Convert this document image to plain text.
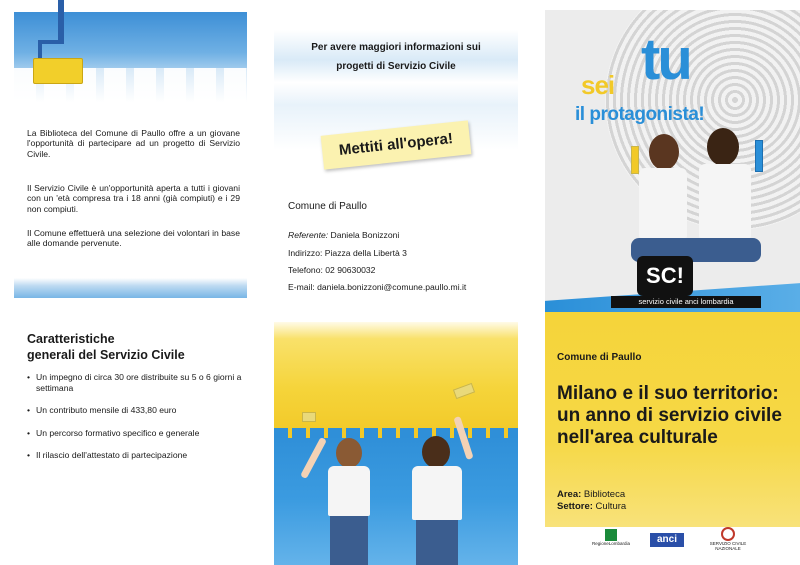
La Biblioteca del Comune di Paullo offre a un giovane l'opportunità di partecipare ad un progetto di Servizio Civile.

Il Servizio Civile è un'opportunità aperta a tutti i giovani con un 'età compresa tra i 18 anni (già compiuti) e i 29 non compiuti.

Il Comune effettuerà una selezione dei volontari in base alle domande pervenute.

Caratteristiche
generali del Servizio Civile
• Un impegno di circa 30 ore distribuite su 5 o 6 giorni a settimana
• Un contributo mensile di 433,80 euro
• Un percorso formativo specifico e generale
• Il rilascio dell'attestato di partecipazione
Per avere maggiori informazioni sui
progetti di Servizio Civile
Mettiti all'opera!

Comune di Paullo

Referente: Daniela Bonizzoni

Indirizzo: Piazza della Libertà 3

Telefono: 02 90630032

E-mail: daniela.bonizzoni@comune.paullo.mi.it

sei tu

il protagonista!

SC!
servizio civile anci lombardia

Comune di Paullo

Milano e il suo territorio: un anno di servizio civile nell'area culturale

Area: Biblioteca

Settore: Cultura

RegioneLombardia	anci	SERVIZIO CIVILE NAZIONALE
